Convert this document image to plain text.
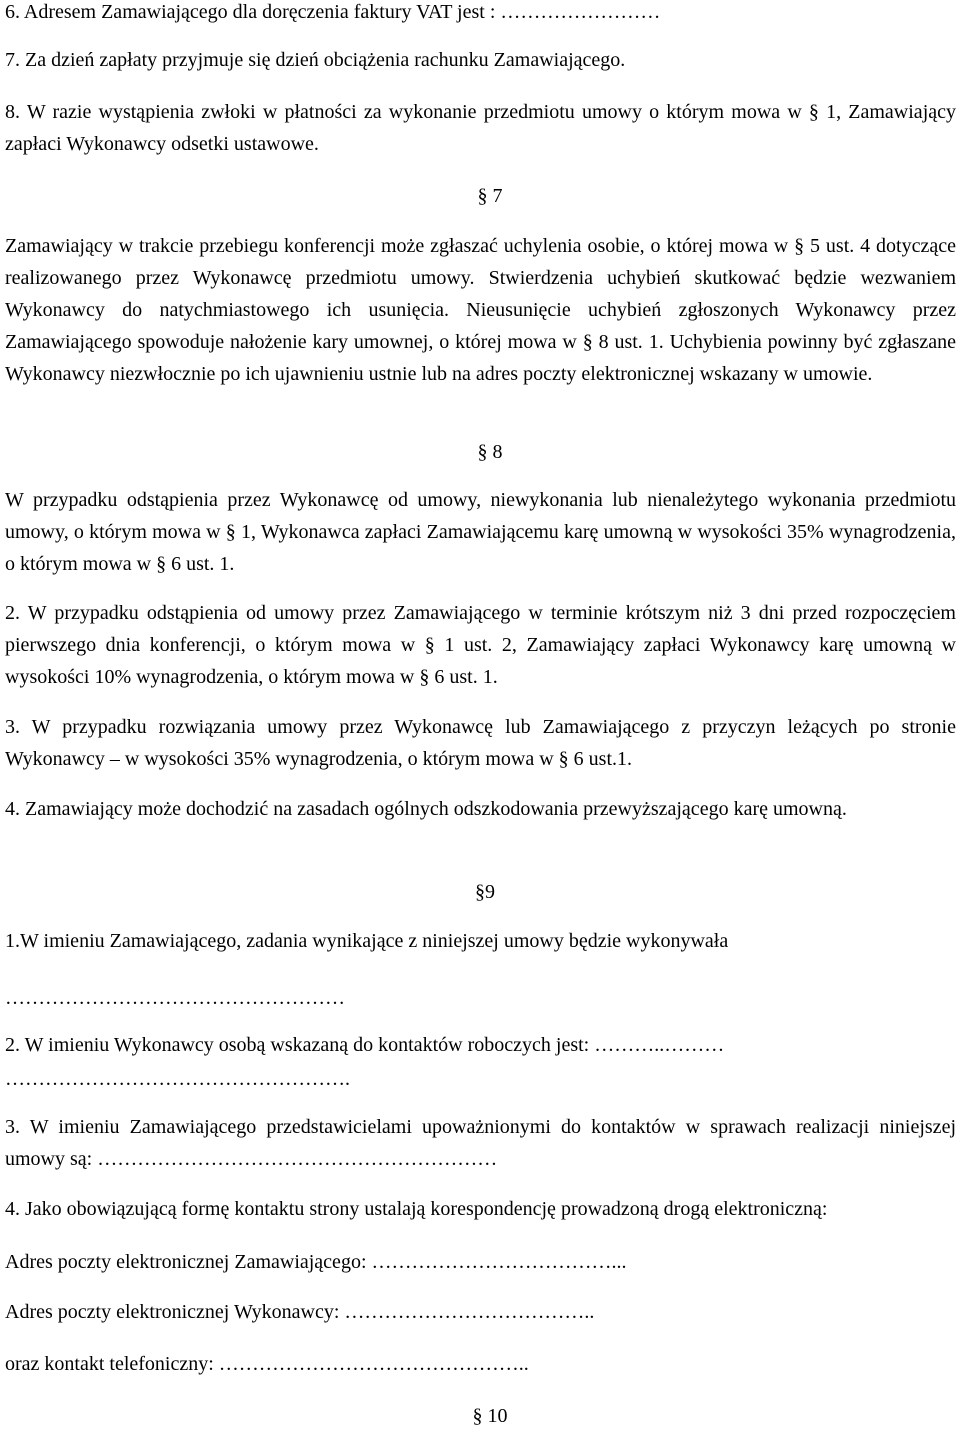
6. Adresem Zamawiającego dla doręczenia faktury VAT jest : ……………………
7. Za dzień zapłaty przyjmuje się dzień obciążenia rachunku Zamawiającego.
8. W razie wystąpienia zwłoki w płatności za wykonanie przedmiotu umowy o którym mowa w § 1, Zamawiający zapłaci Wykonawcy odsetki ustawowe.
§ 7
Zamawiający w trakcie przebiegu konferencji może zgłaszać uchylenia osobie, o której mowa w § 5 ust. 4 dotyczące realizowanego przez Wykonawcę przedmiotu umowy. Stwierdzenia uchybień skutkować będzie wezwaniem Wykonawcy do natychmiastowego ich usunięcia. Nieusunięcie uchybień zgłoszonych Wykonawcy przez Zamawiającego spowoduje nałożenie kary umownej, o której mowa w § 8 ust. 1. Uchybienia powinny być zgłaszane Wykonawcy niezwłocznie po ich ujawnieniu ustnie lub na adres poczty elektronicznej wskazany w umowie.
§ 8
W przypadku odstąpienia przez Wykonawcę od umowy, niewykonania lub nienależytego wykonania przedmiotu umowy, o którym mowa w § 1, Wykonawca zapłaci Zamawiającemu karę umowną w wysokości 35% wynagrodzenia, o którym mowa w § 6 ust. 1.
2. W przypadku odstąpienia od umowy przez Zamawiającego w terminie krótszym niż 3 dni przed rozpoczęciem pierwszego dnia konferencji, o którym mowa w § 1 ust. 2, Zamawiający zapłaci Wykonawcy karę umowną w wysokości 10% wynagrodzenia, o którym mowa w § 6 ust. 1.
3. W przypadku rozwiązania umowy przez Wykonawcę lub Zamawiającego z przyczyn leżących po stronie Wykonawcy – w wysokości 35% wynagrodzenia, o którym mowa w § 6 ust.1.
4. Zamawiający może dochodzić na zasadach ogólnych odszkodowania przewyższającego karę umowną.
§9
1.W imieniu Zamawiającego, zadania wynikające z niniejszej umowy będzie wykonywała
……………………………………………
2. W imieniu Wykonawcy osobą wskazaną do kontaktów roboczych jest: ………..………
…………………………………………….
3. W imieniu Zamawiającego przedstawicielami upoważnionymi do kontaktów w sprawach realizacji niniejszej umowy są: ……………………………………………………
4. Jako obowiązującą formę kontaktu strony ustalają korespondencję prowadzoną drogą elektroniczną:
Adres poczty elektronicznej Zamawiającego: ………………………………...
Adres poczty elektronicznej Wykonawcy: ………………………………..
oraz kontakt telefoniczny: ………………………………………..
§ 10
